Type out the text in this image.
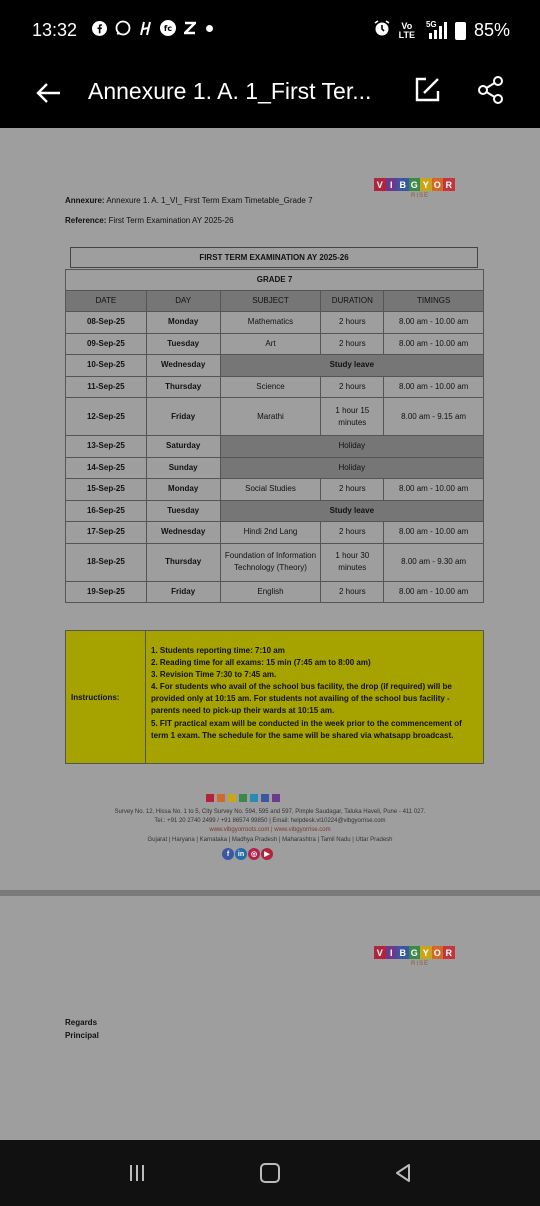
13:32	fc	Vo
LTE
5G 85%
Annexure 1. A. 1_First Ter...
V I B G Y O R
RISE
Annexure: Annexure 1. A. 1_VI_ First Term Exam Timetable_Grade 7
Reference: First Term Examination AY 2025-26
FIRST TERM EXAMINATION AY 2025-26
GRADE 7				
DATE	DAY	SUBJECT	DURATION	TIMINGS
08-Sep-25	Monday	Mathematics	2 hours	8.00 am - 10.00 am
09-Sep-25	Tuesday	Art	2 hours	8.00 am - 10.00 am
10-Sep-25	Wednesday	Study leave		
11-Sep-25	Thursday	Science	2 hours	8.00 am - 10.00 am
12-Sep-25	Friday	Marathi	1 hour 15 minutes	8.00 am - 9.15 am
13-Sep-25	Saturday	Holiday		
14-Sep-25	Sunday	Holiday		
15-Sep-25	Monday	Social Studies	2 hours	8.00 am - 10.00 am
16-Sep-25	Tuesday	Study leave		
17-Sep-25	Wednesday	Hindi 2nd Lang	2 hours	8.00 am - 10.00 am
18-Sep-25	Thursday	Foundation of Information Technology (Theory)	1 hour 30 minutes	8.00 am - 9.30 am
19-Sep-25	Friday	English	2 hours	8.00 am - 10.00 am
Instructions:
1. Students reporting time: 7:10 am
2. Reading time for all exams: 15 min (7:45 am to 8:00 am)
3. Revision Time 7:30 to 7:45 am.
4. For students who avail of the school bus facility, the drop (if required) will be provided only at 10:15 am. For students not availing of the school bus facility - parents need to pick-up their wards at 10:15 am.
5. FIT practical exam will be conducted in the week prior to the commencement of term 1 exam. The schedule for the same will be shared via whatsapp broadcast.
Survey No. 12, Hissa No. 1 to 5, City Survey No. 594, 595 and 597, Pimple Saudagar, Taluka Haveli, Pune - 411 027.
Tel.: +91 20 2740 2499 / +91 86574 99850 | Email: helpdesk.vl10224@vibgyorrise.com
www.vibgyorroots.com | www.vibgyorrise.com
Gujarat | Haryana | Karnataka | Madhya Pradesh | Maharashtra | Tamil Nadu | Uttar Pradesh
f	in ◎	▶
V I B G Y O R
RISE
Regards
Principal
